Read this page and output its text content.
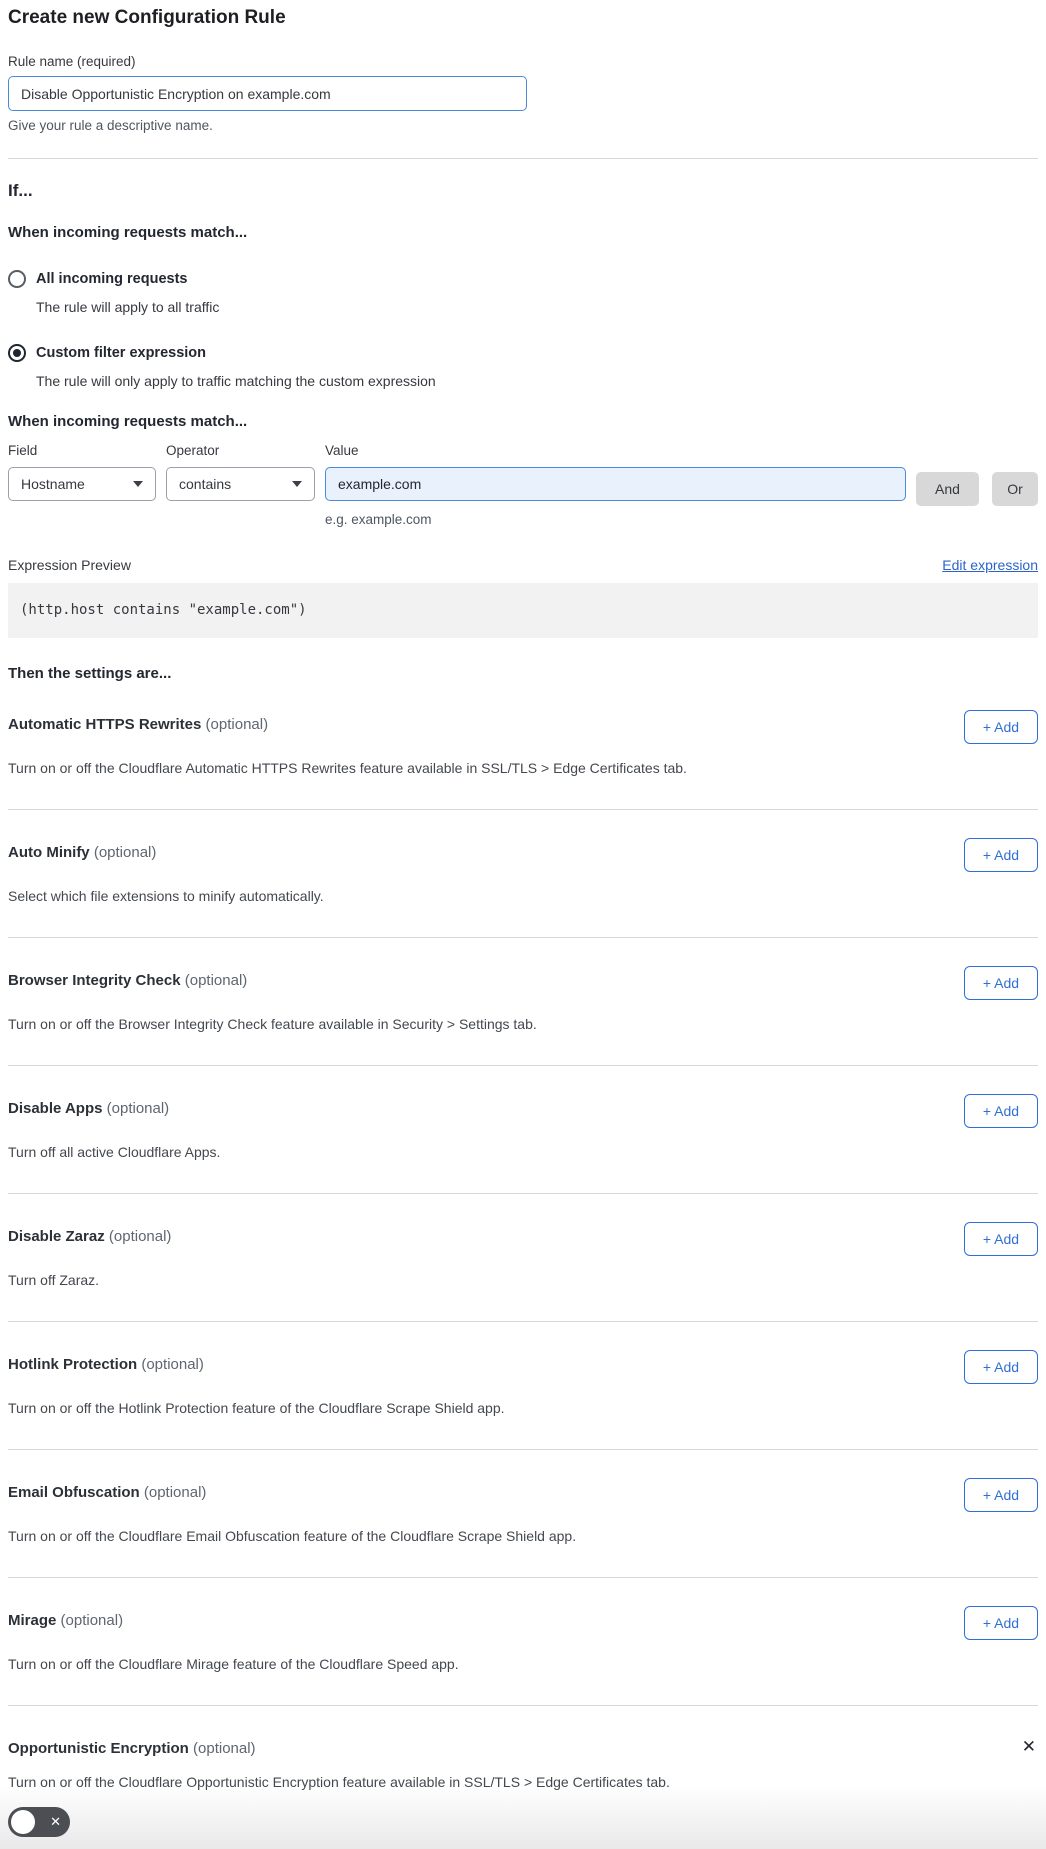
Create new Configuration Rule
Rule name (required)
Disable Opportunistic Encryption on example.com
Give your rule a descriptive name.
If...
When incoming requests match...
All incoming requests
The rule will apply to all traffic
Custom filter expression
The rule will only apply to traffic matching the custom expression
When incoming requests match...
Field
Hostname
Operator
contains
Value
example.com
e.g. example.com
And	Or
Expression Preview	Edit expression
(http.host contains "example.com")
Then the settings are...
Automatic HTTPS Rewrites (optional)	+ Add
Turn on or off the Cloudflare Automatic HTTPS Rewrites feature available in SSL/TLS > Edge Certificates tab.
Auto Minify (optional)	+ Add
Select which file extensions to minify automatically.
Browser Integrity Check (optional)	+ Add
Turn on or off the Browser Integrity Check feature available in Security > Settings tab.
Disable Apps (optional)	+ Add
Turn off all active Cloudflare Apps.
Disable Zaraz (optional)	+ Add
Turn off Zaraz.
Hotlink Protection (optional)	+ Add
Turn on or off the Hotlink Protection feature of the Cloudflare Scrape Shield app.
Email Obfuscation (optional)	+ Add
Turn on or off the Cloudflare Email Obfuscation feature of the Cloudflare Scrape Shield app.
Mirage (optional)	+ Add
Turn on or off the Cloudflare Mirage feature of the Cloudflare Speed app.
Opportunistic Encryption (optional)	✕
Turn on or off the Cloudflare Opportunistic Encryption feature available in SSL/TLS > Edge Certificates tab.
✕
